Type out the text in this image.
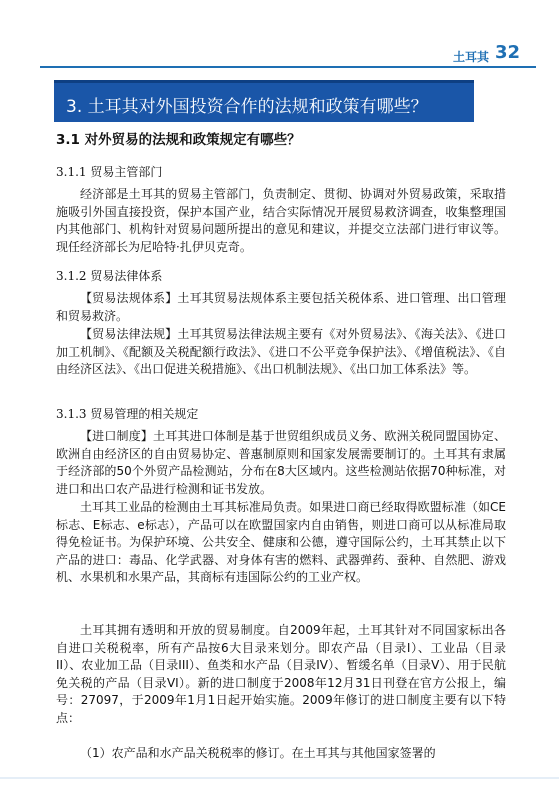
土耳其 32
3. 土耳其对外国投资合作的法规和政策有哪些？
3.1 对外贸易的法规和政策规定有哪些？
3.1.1 贸易主管部门

经济部是土耳其的贸易主管部门，负责制定、贯彻、协调对外贸易政策，采取措施吸引外国直接投资，保护本国产业，结合实际情况开展贸易救济调查，收集整理国内其他部门、机构针对贸易问题所提出的意见和建议，并提交立法部门进行审议等。现任经济部长为尼哈特·扎伊贝克奇。

3.1.2 贸易法律体系

【贸易法规体系】土耳其贸易法规体系主要包括关税体系、进口管理、出口管理和贸易救济。

【贸易法律法规】土耳其贸易法律法规主要有《对外贸易法》、《海关法》、《进口加工机制》、《配额及关税配额行政法》、《进口不公平竞争保护法》、《增值税法》、《自由经济区法》、《出口促进关税措施》、《出口机制法规》、《出口加工体系法》等。

3.1.3 贸易管理的相关规定

【进口制度】土耳其进口体制是基于世贸组织成员义务、欧洲关税同盟国协定、欧洲自由经济区的自由贸易协定、普惠制原则和国家发展需要制订的。土耳其有隶属于经济部的50个外贸产品检测站，分布在8大区域内。这些检测站依据70种标准，对进口和出口农产品进行检测和证书发放。

土耳其工业品的检测由土耳其标准局负责。如果进口商已经取得欧盟标准（如CE标志、E标志、e标志），产品可以在欧盟国家内自由销售，则进口商可以从标准局取得免检证书。为保护环境、公共安全、健康和公德，遵守国际公约，土耳其禁止以下产品的进口：毒品、化学武器、对身体有害的燃料、武器弹药、蚕种、自然肥、游戏机、水果机和水果产品，其商标有违国际公约的工业产权。

土耳其拥有透明和开放的贸易制度。自2009年起，土耳其针对不同国家标出各自进口关税税率，所有产品按6大目录来划分。即农产品（目录I）、工业品（目录II）、农业加工品（目录III）、鱼类和水产品（目录IV）、暂缓名单（目录V）、用于民航免关税的产品（目录VI）。新的进口制度于2008年12月31日刊登在官方公报上，编号：27097，于2009年1月1日起开始实施。2009年修订的进口制度主要有以下特点：

（1）农产品和水产品关税税率的修订。在土耳其与其他国家签署的
